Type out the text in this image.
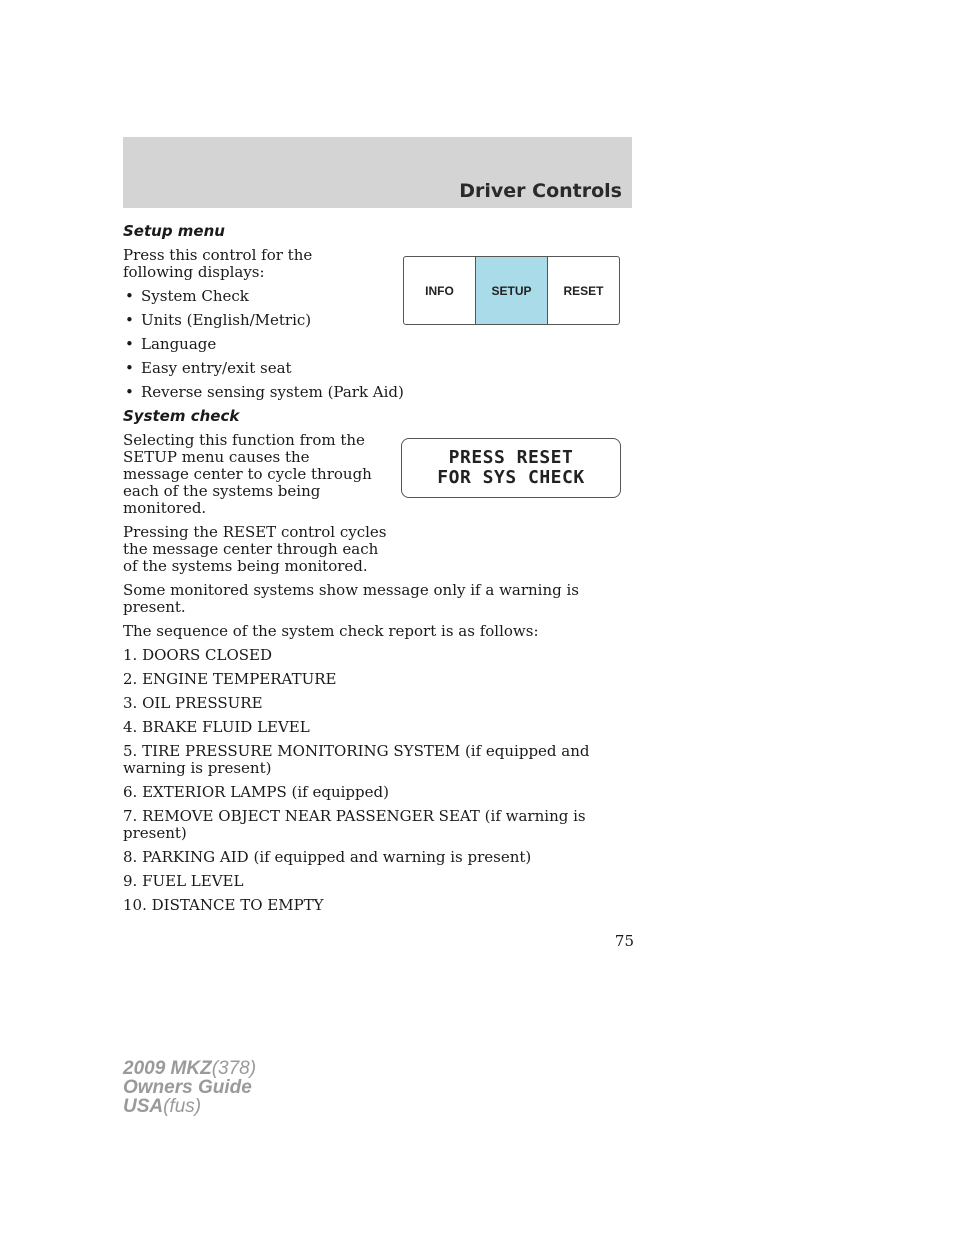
Driver Controls
Setup menu
Press this control for the following displays:
• System Check
• Units (English/Metric)
• Language
• Easy entry/exit seat
• Reverse sensing system (Park Aid)
System check
Selecting this function from the SETUP menu causes the message center to cycle through each of the systems being monitored.
Pressing the RESET control cycles the message center through each of the systems being monitored.
Some monitored systems show message only if a warning is present.
The sequence of the system check report is as follows:
1. DOORS CLOSED
2. ENGINE TEMPERATURE
3. OIL PRESSURE
4. BRAKE FLUID LEVEL
5. TIRE PRESSURE MONITORING SYSTEM (if equipped and warning is present)
6. EXTERIOR LAMPS (if equipped)
7. REMOVE OBJECT NEAR PASSENGER SEAT (if warning is present)
8. PARKING AID (if equipped and warning is present)
9. FUEL LEVEL
10. DISTANCE TO EMPTY
INFO	SETUP	RESET
PRESS RESET
FOR SYS CHECK
75
2009 MKZ(378)
Owners Guide
USA(fus)
